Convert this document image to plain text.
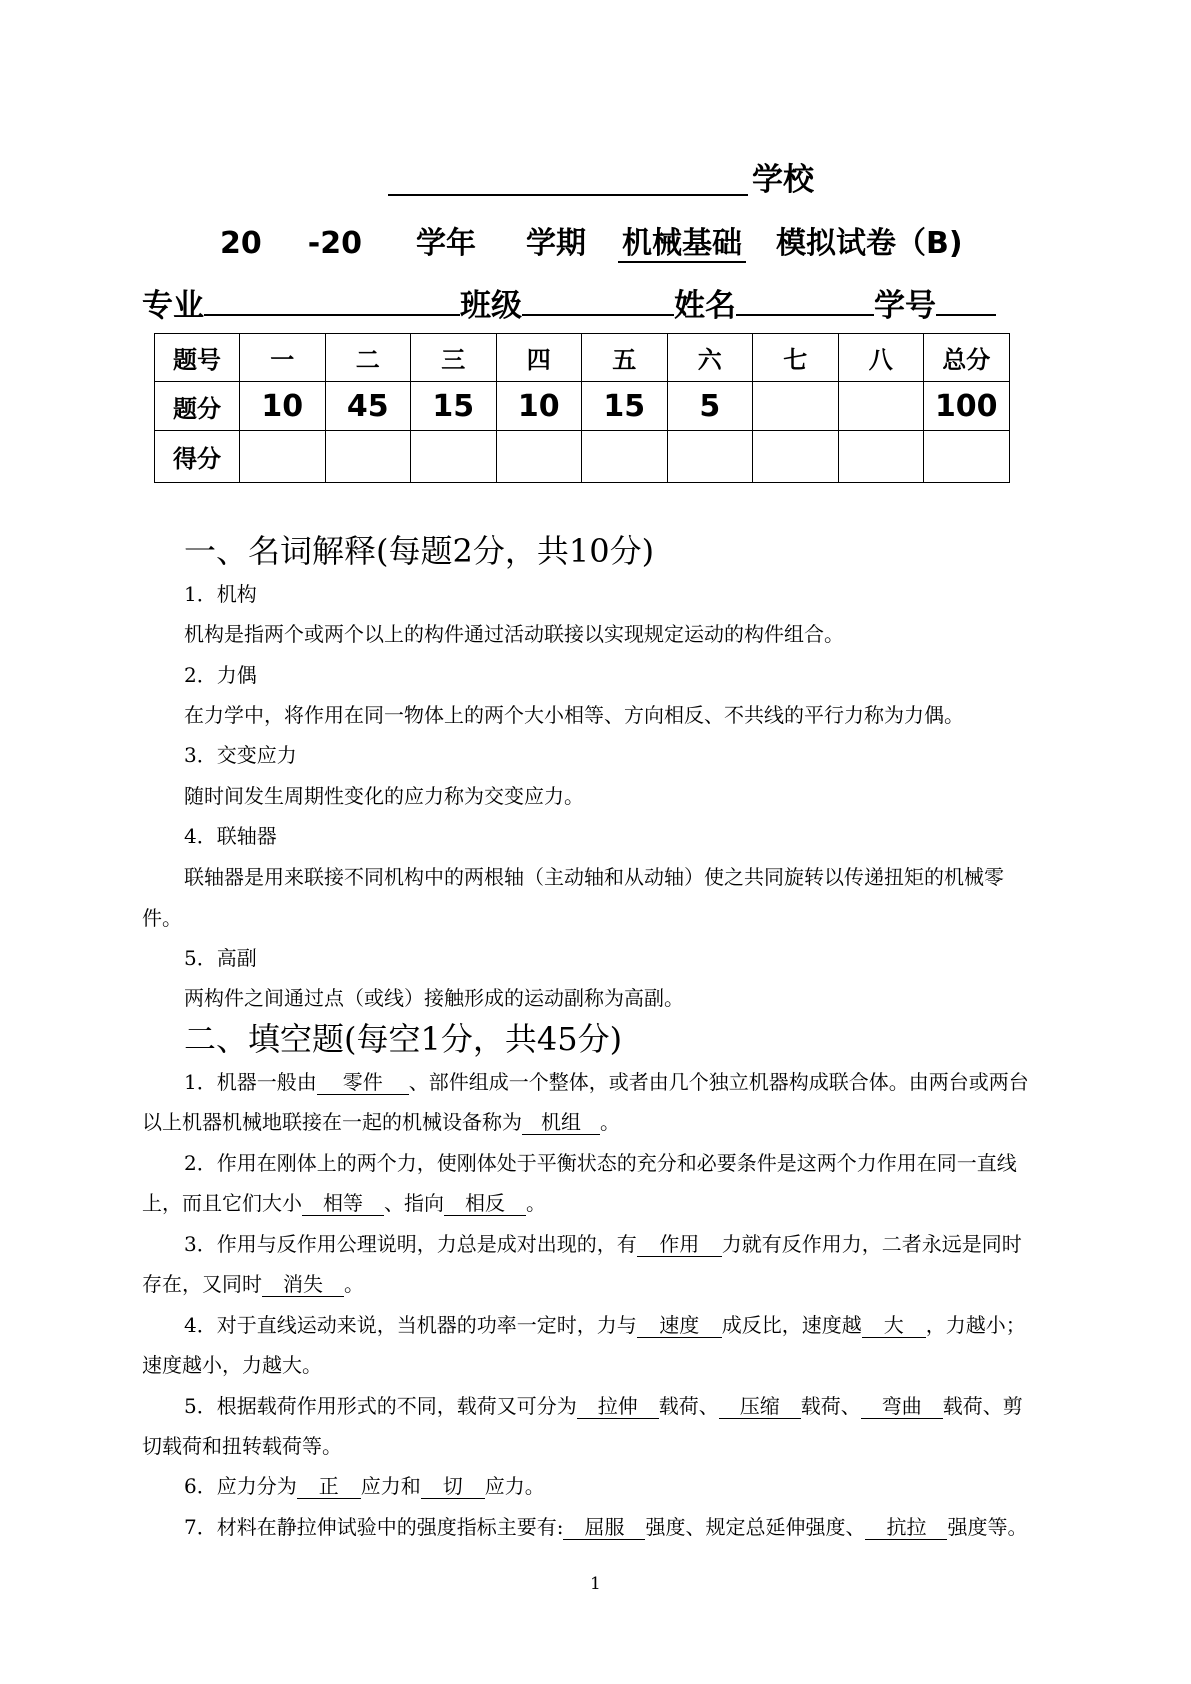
学校
20 -20 学年 学期 机械基础 模拟试卷（B)
专业	班级	姓名	学号
题号	一	二	三	四	五	六	七	八	总分
题分	10	45	15	10	15	5			100
得分									
一、名词解释(每题2分，共10分)
1．机构
机构是指两个或两个以上的构件通过活动联接以实现规定运动的构件组合。
2．力偶
在力学中，将作用在同一物体上的两个大小相等、方向相反、不共线的平行力称为力偶。
3．交变应力
随时间发生周期性变化的应力称为交变应力。
4．联轴器
联轴器是用来联接不同机构中的两根轴（主动轴和从动轴）使之共同旋转以传递扭矩的机械零
件。
5．高副
两构件之间通过点（或线）接触形成的运动副称为高副。
二、填空题(每空1分，共45分)
1．机器一般由 零件 、部件组成一个整体，或者由几个独立机器构成联合体。由两台或两台
以上机器机械地联接在一起的机械设备称为 机组 。
2．作用在刚体上的两个力，使刚体处于平衡状态的充分和必要条件是这两个力作用在同一直线
上，而且它们大小 相等 、指向 相反 。
3．作用与反作用公理说明，力总是成对出现的，有 作用 力就有反作用力，二者永远是同时
存在，又同时 消失 。
4．对于直线运动来说，当机器的功率一定时，力与 速度 成反比，速度越 大 ，力越小；
速度越小，力越大。
5．根据载荷作用形式的不同，载荷又可分为 拉伸 载荷、 压缩 载荷、 弯曲 载荷、剪
切载荷和扭转载荷等。
6．应力分为 正 应力和 切 应力。
7．材料在静拉伸试验中的强度指标主要有: 屈服 强度、规定总延伸强度、 抗拉 强度等。
1
